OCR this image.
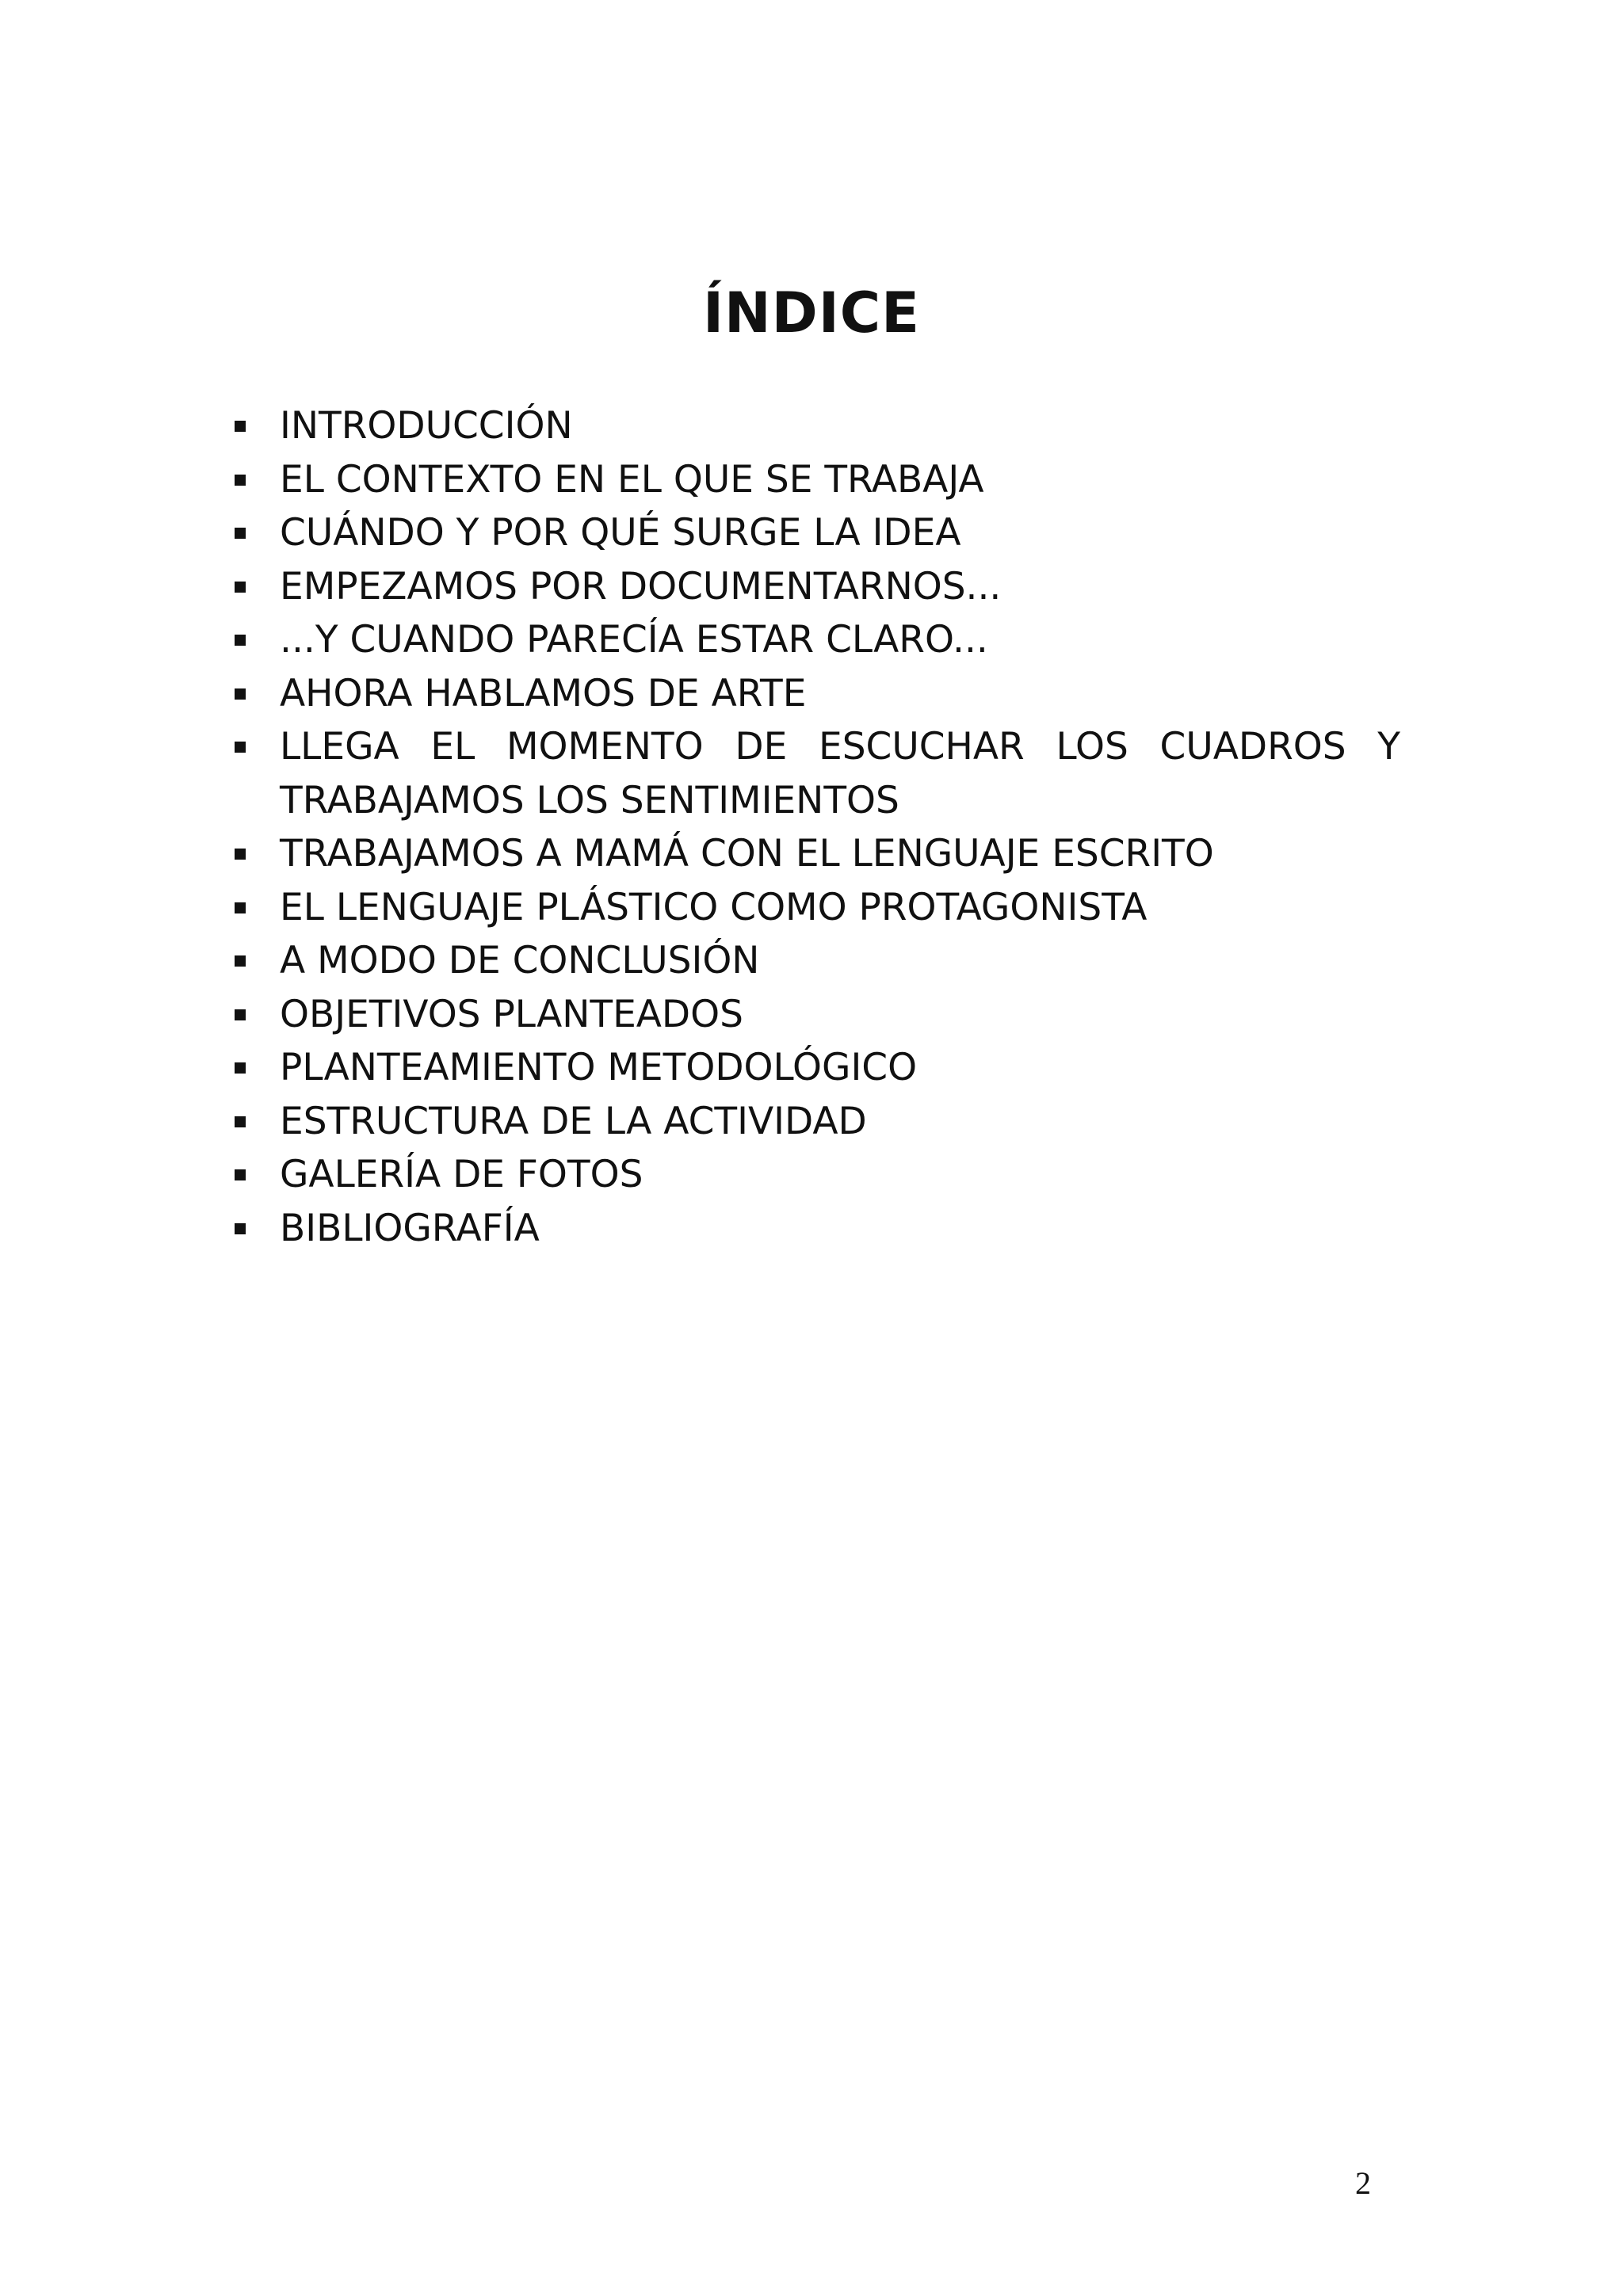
ÍNDICE
INTRODUCCIÓN
EL CONTEXTO EN EL QUE SE TRABAJA
CUÁNDO Y POR QUÉ SURGE LA IDEA
EMPEZAMOS POR DOCUMENTARNOS...
...Y CUANDO PARECÍA ESTAR CLARO...
AHORA HABLAMOS DE ARTE
LLEGA EL MOMENTO DE ESCUCHAR LOS CUADROS Y TRABAJAMOS LOS SENTIMIENTOS
TRABAJAMOS A MAMÁ CON EL LENGUAJE ESCRITO
EL LENGUAJE PLÁSTICO COMO PROTAGONISTA
A MODO DE CONCLUSIÓN
OBJETIVOS PLANTEADOS
PLANTEAMIENTO METODOLÓGICO
ESTRUCTURA DE LA ACTIVIDAD
GALERÍA DE FOTOS
BIBLIOGRAFÍA
2
